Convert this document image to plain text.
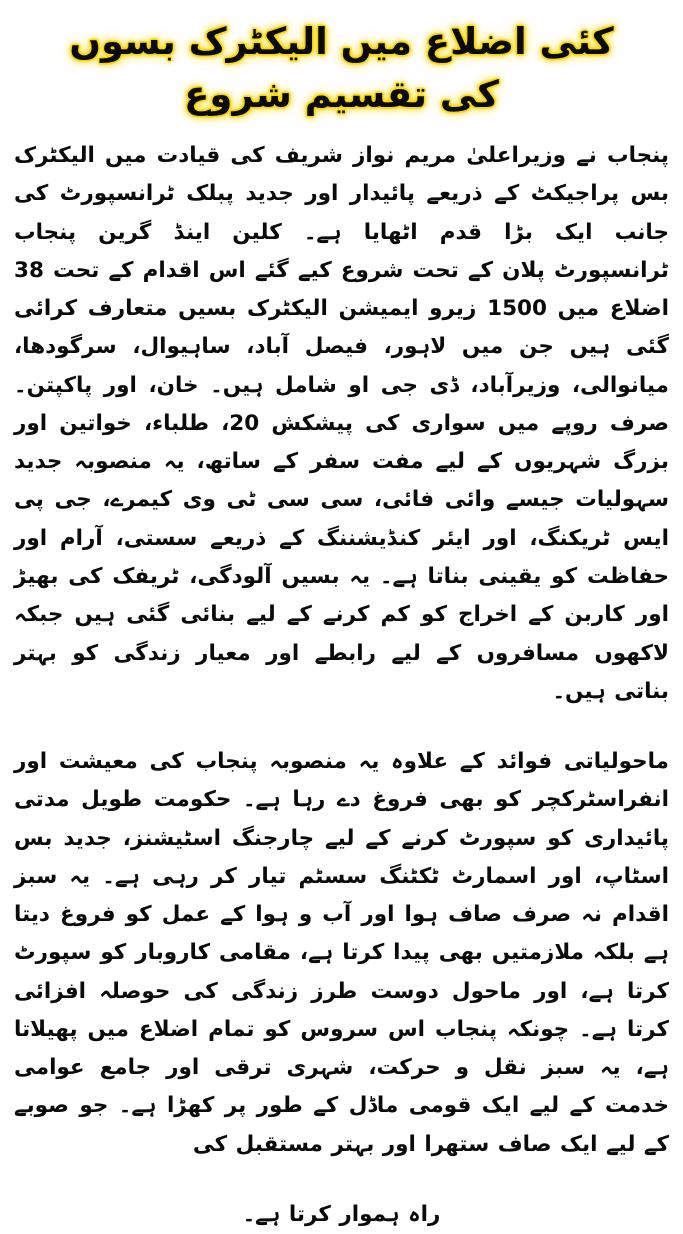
کئی اضلاع میں الیکٹرک بسوں
کی تقسیم شروع

پنجاب نے وزیراعلیٰ مریم نواز شریف کی قیادت میں الیکٹرک بس پراجیکٹ کے ذریعے پائیدار اور جدید پبلک ٹرانسپورٹ کی جانب ایک بڑا قدم اٹھایا ہے۔ کلین اینڈ گرین پنجاب ٹرانسپورٹ پلان کے تحت شروع کیے گئے اس اقدام کے تحت 38 اضلاع میں 1500 زیرو ایمیشن الیکٹرک بسیں متعارف کرائی گئی ہیں جن میں لاہور، فیصل آباد، ساہیوال، سرگودھا، میانوالی، وزیرآباد، ڈی جی او شامل ہیں۔ خان، اور پاکپتن۔ صرف روپے میں سواری کی پیشکش 20، طلباء، خواتین اور بزرگ شہریوں کے لیے مفت سفر کے ساتھ، یہ منصوبہ جدید سہولیات جیسے وائی فائی، سی سی ٹی وی کیمرے، جی پی ایس ٹریکنگ، اور ایئر کنڈیشننگ کے ذریعے سستی، آرام اور حفاظت کو یقینی بناتا ہے۔ یہ بسیں آلودگی، ٹریفک کی بھیڑ اور کاربن کے اخراج کو کم کرنے کے لیے بنائی گئی ہیں جبکہ لاکھوں مسافروں کے لیے رابطے اور معیار زندگی کو بہتر بناتی ہیں۔

ماحولیاتی فوائد کے علاوہ یہ منصوبہ پنجاب کی معیشت اور انفراسٹرکچر کو بھی فروغ دے رہا ہے۔ حکومت طویل مدتی پائیداری کو سپورٹ کرنے کے لیے چارجنگ اسٹیشنز، جدید بس اسٹاپ، اور اسمارٹ ٹکٹنگ سسٹم تیار کر رہی ہے۔ یہ سبز اقدام نہ صرف صاف ہوا اور آب و ہوا کے عمل کو فروغ دیتا ہے بلکہ ملازمتیں بھی پیدا کرتا ہے، مقامی کاروبار کو سپورٹ کرتا ہے، اور ماحول دوست طرز زندگی کی حوصلہ افزائی کرتا ہے۔ چونکہ پنجاب اس سروس کو تمام اضلاع میں پھیلاتا ہے، یہ سبز نقل و حرکت، شہری ترقی اور جامع عوامی خدمت کے لیے ایک قومی ماڈل کے طور پر کھڑا ہے۔ جو صوبے کے لیے ایک صاف ستھرا اور بہتر مستقبل کی

راہ ہموار کرتا ہے۔
